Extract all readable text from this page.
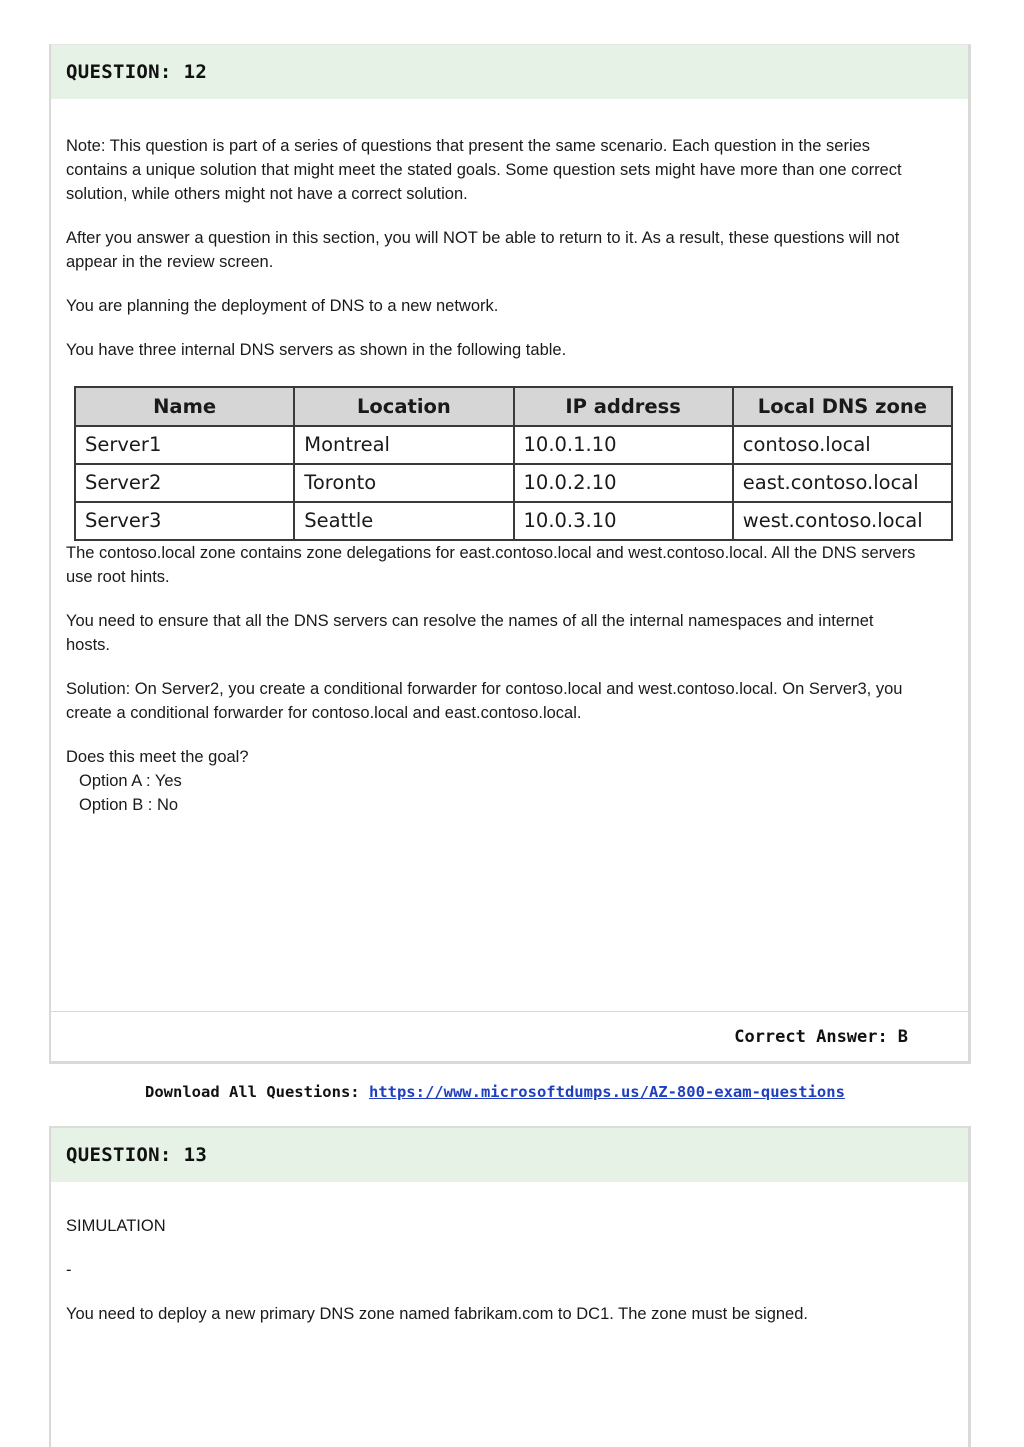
QUESTION: 12

Note: This question is part of a series of questions that present the same scenario. Each question in the series contains a unique solution that might meet the stated goals. Some question sets might have more than one correct solution, while others might not have a correct solution.

After you answer a question in this section, you will NOT be able to return to it. As a result, these questions will not appear in the review screen.

You are planning the deployment of DNS to a new network.

You have three internal DNS servers as shown in the following table.

Name	Location	IP address	Local DNS zone
Server1	Montreal	10.0.1.10	contoso.local
Server2	Toronto	10.0.2.10	east.contoso.local
Server3	Seattle	10.0.3.10	west.contoso.local

The contoso.local zone contains zone delegations for east.contoso.local and west.contoso.local. All the DNS servers use root hints.

You need to ensure that all the DNS servers can resolve the names of all the internal namespaces and internet hosts.

Solution: On Server2, you create a conditional forwarder for contoso.local and west.contoso.local. On Server3, you create a conditional forwarder for contoso.local and east.contoso.local.

Does this meet the goal?

Option A : Yes

Option B : No

Correct Answer: B
Download All Questions: https://www.microsoftdumps.us/AZ-800-exam-questions
QUESTION: 13

SIMULATION

-

You need to deploy a new primary DNS zone named fabrikam.com to DC1. The zone must be signed.
